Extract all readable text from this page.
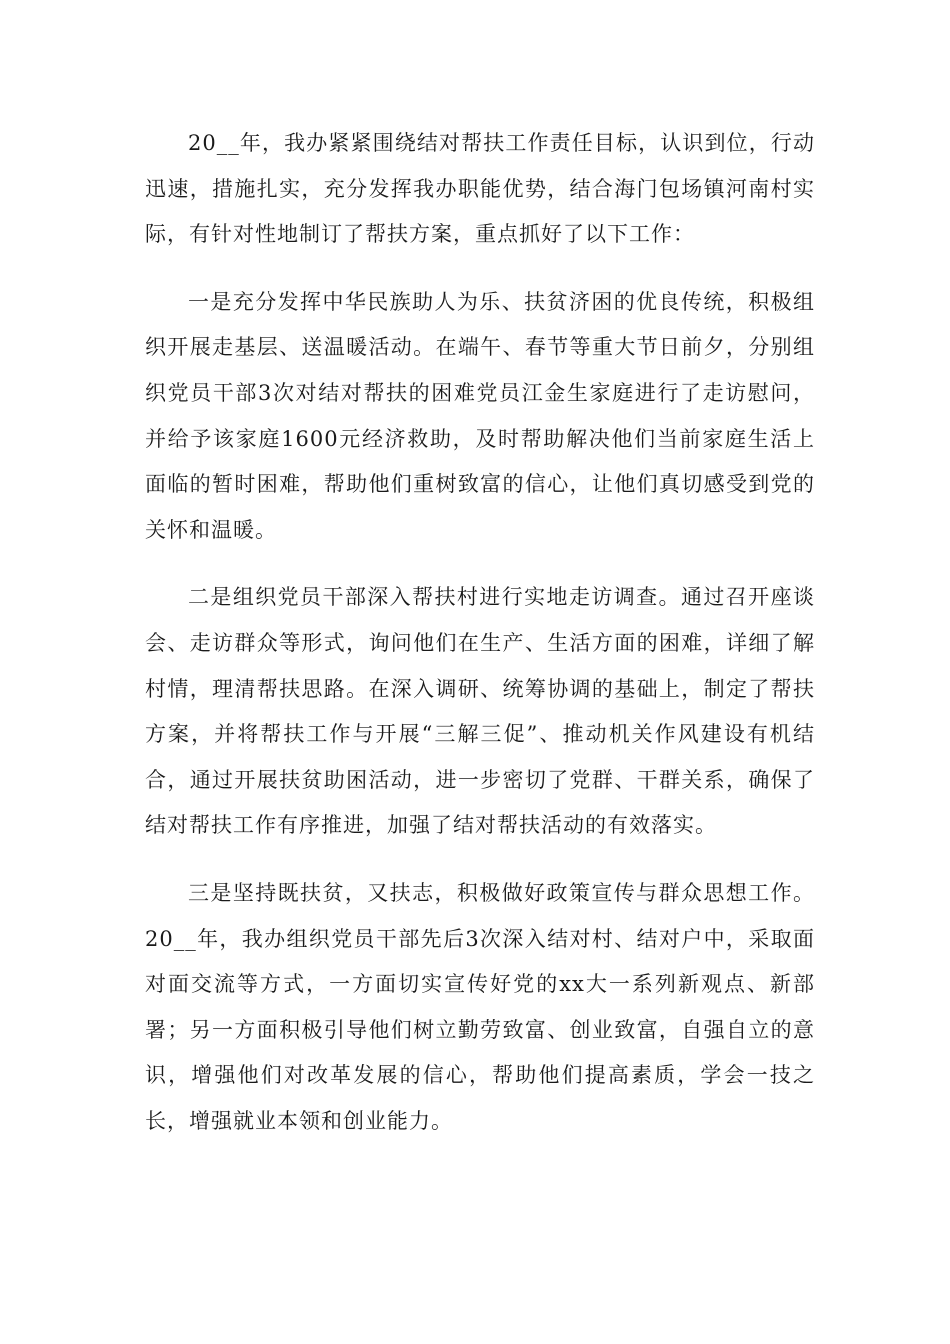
20__年，我办紧紧围绕结对帮扶工作责任目标，认识到位，行动迅速，措施扎实，充分发挥我办职能优势，结合海门包场镇河南村实际，有针对性地制订了帮扶方案，重点抓好了以下工作：

一是充分发挥中华民族助人为乐、扶贫济困的优良传统，积极组织开展走基层、送温暖活动。在端午、春节等重大节日前夕，分别组织党员干部3次对结对帮扶的困难党员江金生家庭进行了走访慰问，并给予该家庭1600元经济救助，及时帮助解决他们当前家庭生活上面临的暂时困难，帮助他们重树致富的信心，让他们真切感受到党的关怀和温暖。

二是组织党员干部深入帮扶村进行实地走访调查。通过召开座谈会、走访群众等形式，询问他们在生产、生活方面的困难，详细了解村情，理清帮扶思路。在深入调研、统筹协调的基础上，制定了帮扶方案，并将帮扶工作与开展“三解三促”、推动机关作风建设有机结合，通过开展扶贫助困活动，进一步密切了党群、干群关系，确保了结对帮扶工作有序推进，加强了结对帮扶活动的有效落实。

三是坚持既扶贫，又扶志，积极做好政策宣传与群众思想工作。20__年，我办组织党员干部先后3次深入结对村、结对户中，采取面对面交流等方式，一方面切实宣传好党的xx大一系列新观点、新部署；另一方面积极引导他们树立勤劳致富、创业致富，自强自立的意识，增强他们对改革发展的信心，帮助他们提高素质，学会一技之长，增强就业本领和创业能力。
